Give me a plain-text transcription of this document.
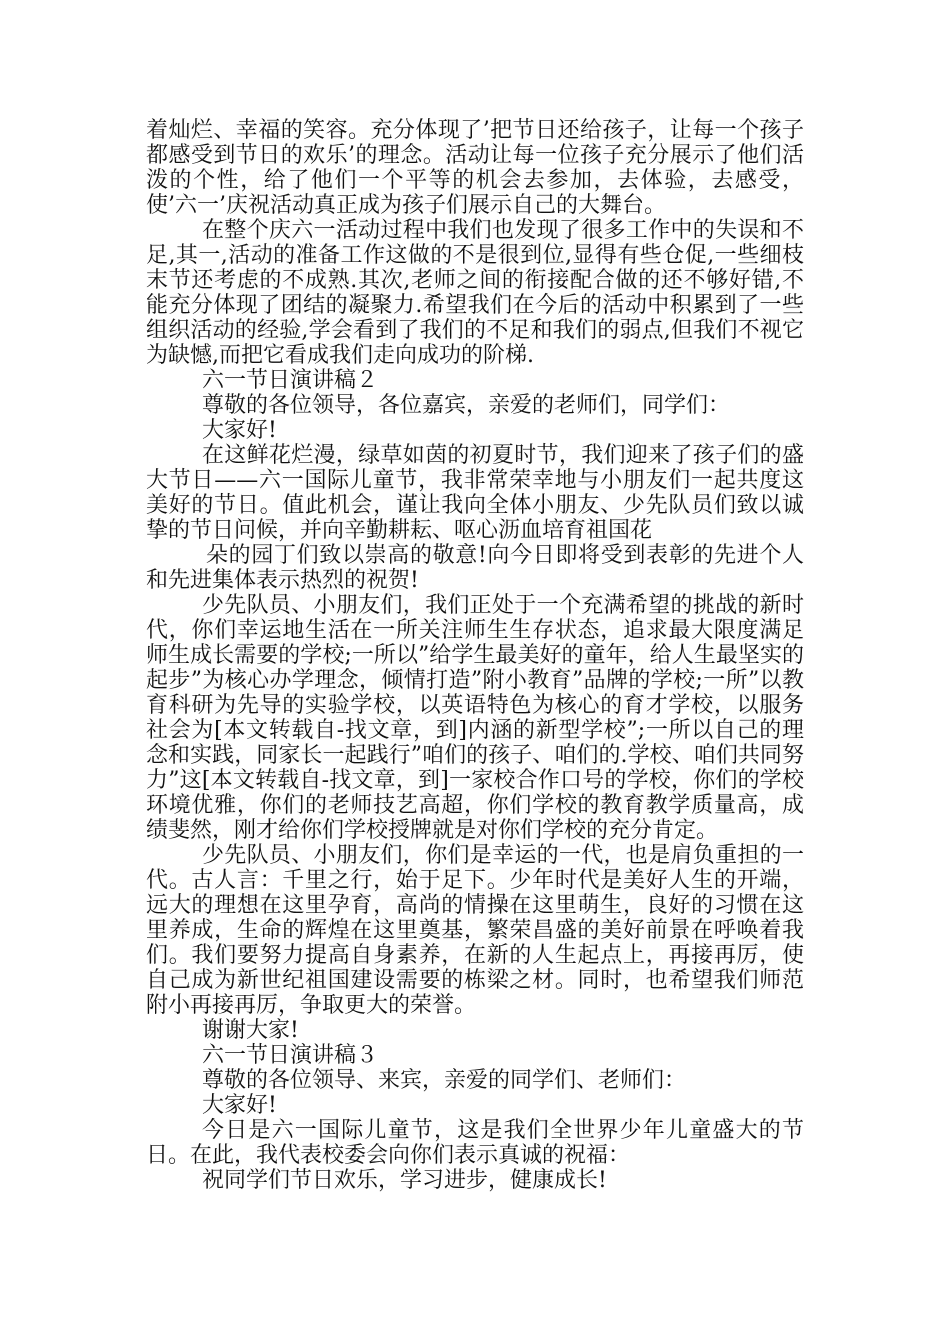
着灿烂、幸福的笑容。充分体现了’把节日还给孩子，让每一个孩子都感受到节日的欢乐’的理念。活动让每一位孩子充分展示了他们活泼的个性，给了他们一个平等的机会去参加，去体验，去感受，使’六一’庆祝活动真正成为孩子们展示自己的大舞台。

在整个庆六一活动过程中我们也发现了很多工作中的失误和不足,其一,活动的准备工作这做的不是很到位,显得有些仓促,一些细枝末节还考虑的不成熟.其次,老师之间的衔接配合做的还不够好错,不能充分体现了团结的凝聚力.希望我们在今后的活动中积累到了一些组织活动的经验,学会看到了我们的不足和我们的弱点,但我们不视它为缺憾,而把它看成我们走向成功的阶梯.

六一节日演讲稿２

尊敬的各位领导，各位嘉宾，亲爱的老师们，同学们：

大家好!

在这鲜花烂漫，绿草如茵的初夏时节，我们迎来了孩子们的盛大节日——六一国际儿童节，我非常荣幸地与小朋友们一起共度这美好的节日。值此机会，谨让我向全体小朋友、少先队员们致以诚挚的节日问候，并向辛勤耕耘、呕心沥血培育祖国花

朵的园丁们致以崇高的敬意!向今日即将受到表彰的先进个人和先进集体表示热烈的祝贺!

少先队员、小朋友们，我们正处于一个充满希望的挑战的新时代，你们幸运地生活在一所关注师生生存状态，追求最大限度满足师生成长需要的学校;一所以”给学生最美好的童年，给人生最坚实的起步”为核心办学理念，倾情打造”附小教育”品牌的学校;一所”以教育科研为先导的实验学校，以英语特色为核心的育才学校，以服务社会为[本文转载自-找文章，到]内涵的新型学校”;一所以自己的理念和实践，同家长一起践行”咱们的孩子、咱们的.学校、咱们共同努力”这[本文转载自-找文章，到]一家校合作口号的学校，你们的学校环境优雅，你们的老师技艺高超，你们学校的教育教学质量高，成绩斐然，刚才给你们学校授牌就是对你们学校的充分肯定。

少先队员、小朋友们，你们是幸运的一代，也是肩负重担的一代。古人言：千里之行，始于足下。少年时代是美好人生的开端，远大的理想在这里孕育，高尚的情操在这里萌生，良好的习惯在这里养成，生命的辉煌在这里奠基，繁荣昌盛的美好前景在呼唤着我们。我们要努力提高自身素养，在新的人生起点上，再接再厉，使自己成为新世纪祖国建设需要的栋梁之材。同时，也希望我们师范附小再接再厉，争取更大的荣誉。

谢谢大家!

六一节日演讲稿３

尊敬的各位领导、来宾，亲爱的同学们、老师们：

大家好!

今日是六一国际儿童节，这是我们全世界少年儿童盛大的节日。在此，我代表校委会向你们表示真诚的祝福：

祝同学们节日欢乐，学习进步，健康成长!
